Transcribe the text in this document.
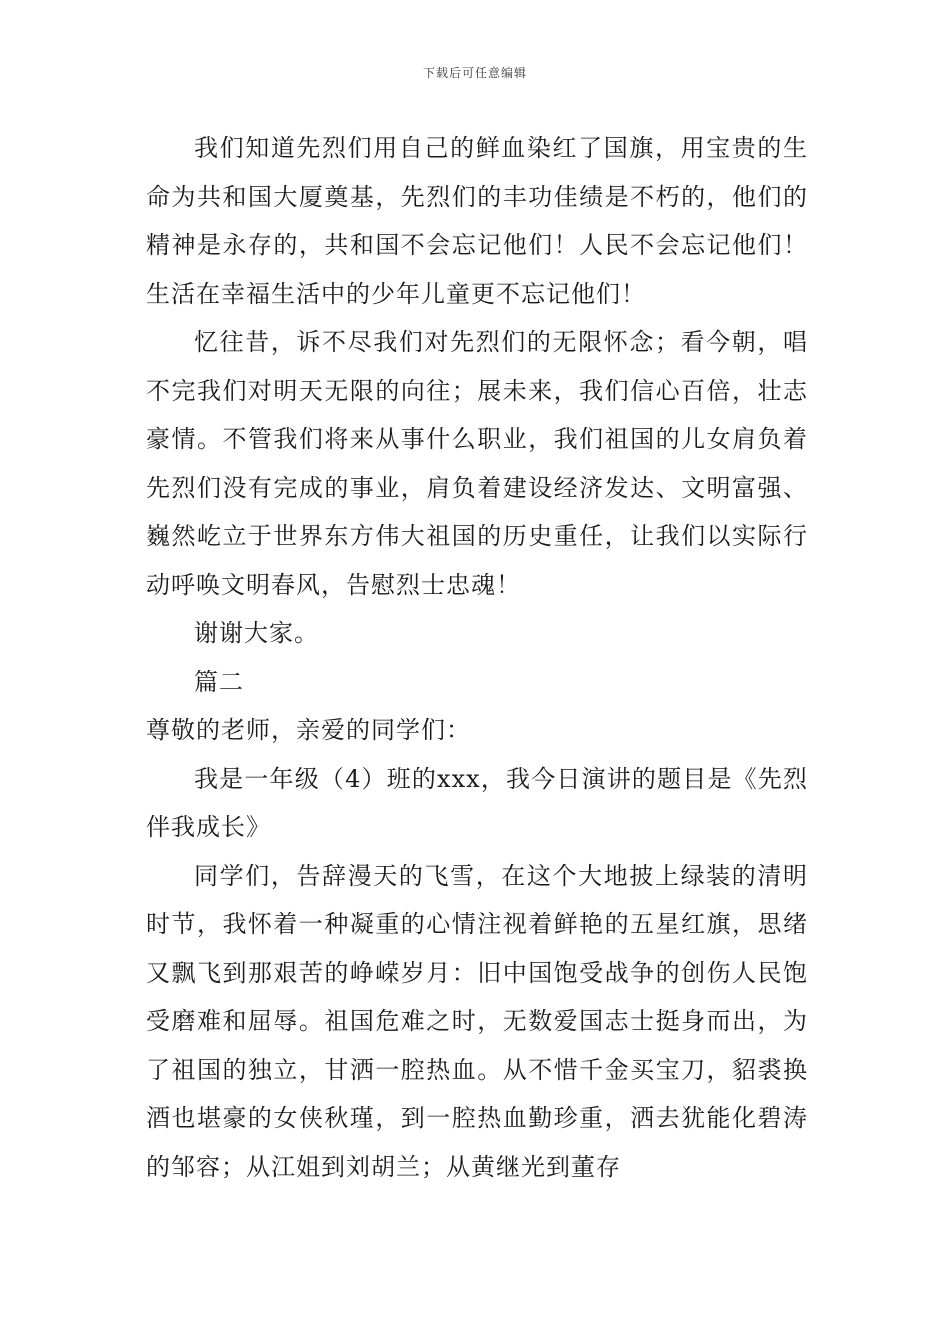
下载后可任意编辑

我们知道先烈们用自己的鲜血染红了国旗，用宝贵的生命为共和国大厦奠基，先烈们的丰功佳绩是不朽的，他们的精神是永存的，共和国不会忘记他们！人民不会忘记他们！生活在幸福生活中的少年儿童更不忘记他们！

忆往昔，诉不尽我们对先烈们的无限怀念；看今朝，唱不完我们对明天无限的向往；展未来，我们信心百倍，壮志豪情。不管我们将来从事什么职业，我们祖国的儿女肩负着先烈们没有完成的事业，肩负着建设经济发达、文明富强、巍然屹立于世界东方伟大祖国的历史重任，让我们以实际行动呼唤文明春风，告慰烈士忠魂！

谢谢大家。

篇二

尊敬的老师，亲爱的同学们：

我是一年级（4）班的xxx，我今日演讲的题目是《先烈伴我成长》

同学们，告辞漫天的飞雪，在这个大地披上绿装的清明时节，我怀着一种凝重的心情注视着鲜艳的五星红旗，思绪又飘飞到那艰苦的峥嵘岁月：旧中国饱受战争的创伤人民饱受磨难和屈辱。祖国危难之时，无数爱国志士挺身而出，为了祖国的独立，甘洒一腔热血。从不惜千金买宝刀，貂裘换酒也堪豪的女侠秋瑾，到一腔热血勤珍重，洒去犹能化碧涛的邹容；从江姐到刘胡兰；从黄继光到董存
